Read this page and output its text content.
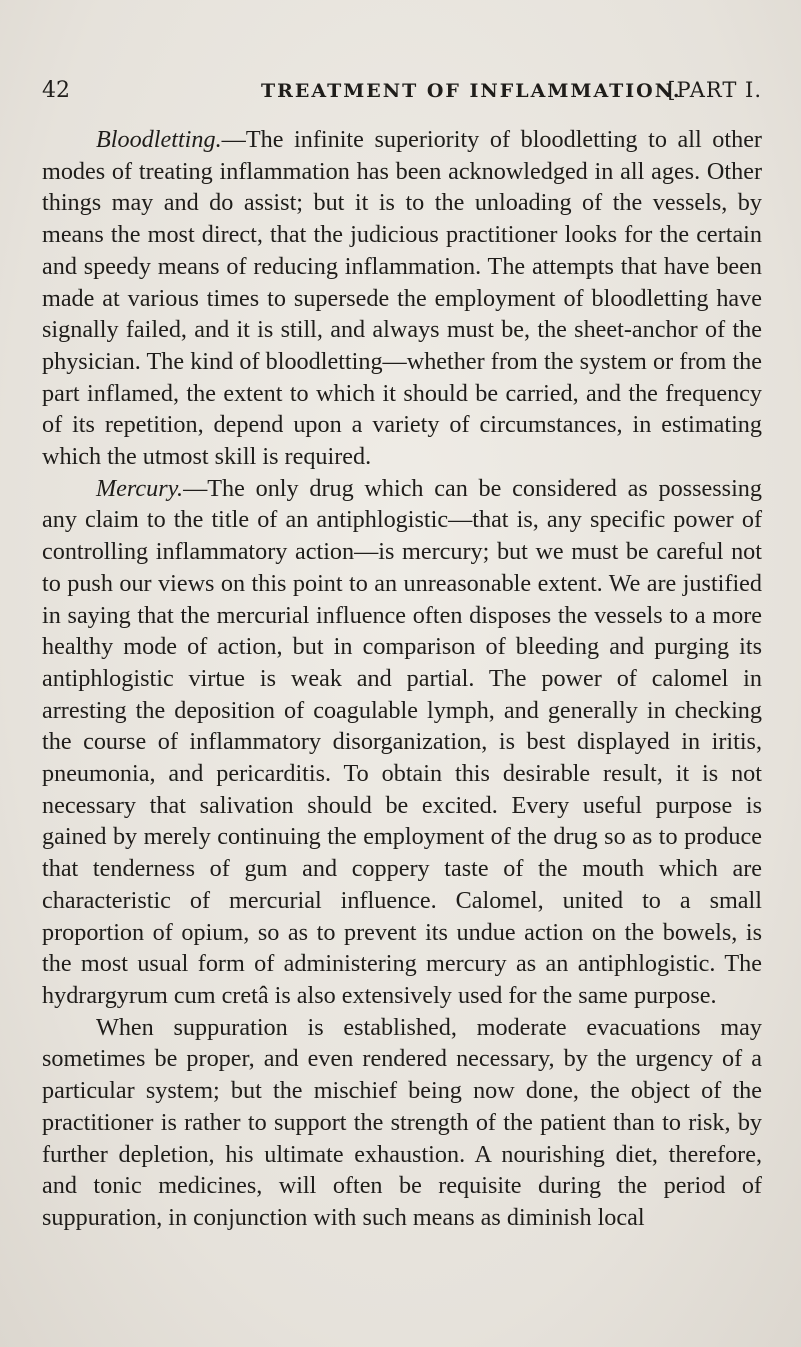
42	TREATMENT OF INFLAMMATION.
[PART I.

Bloodletting.—The infinite superiority of bloodletting to all other modes of treating inflammation has been acknowledged in all ages. Other things may and do assist; but it is to the unloading of the vessels, by means the most direct, that the judicious practitioner looks for the certain and speedy means of reducing inflammation. The attempts that have been made at various times to supersede the employment of bloodletting have signally failed, and it is still, and always must be, the sheet-anchor of the physician. The kind of bloodletting—whether from the system or from the part inflamed, the extent to which it should be carried, and the frequency of its repetition, depend upon a variety of circumstances, in estimating which the utmost skill is required.

Mercury.—The only drug which can be considered as possessing any claim to the title of an antiphlogistic—that is, any specific power of controlling inflammatory action—is mercury; but we must be careful not to push our views on this point to an unreasonable extent. We are justified in saying that the mercurial influence often disposes the vessels to a more healthy mode of action, but in comparison of bleeding and purging its antiphlogistic virtue is weak and partial. The power of calomel in arresting the deposition of coagulable lymph, and generally in checking the course of inflammatory disorganization, is best displayed in iritis, pneumonia, and pericarditis. To obtain this desirable result, it is not necessary that salivation should be excited. Every useful purpose is gained by merely continuing the employment of the drug so as to produce that tenderness of gum and coppery taste of the mouth which are characteristic of mercurial influence. Calomel, united to a small proportion of opium, so as to prevent its undue action on the bowels, is the most usual form of administering mercury as an antiphlogistic. The hydrargyrum cum cretâ is also extensively used for the same purpose.

When suppuration is established, moderate evacuations may sometimes be proper, and even rendered necessary, by the urgency of a particular system; but the mischief being now done, the object of the practitioner is rather to support the strength of the patient than to risk, by further depletion, his ultimate exhaustion. A nourishing diet, therefore, and tonic medicines, will often be requisite during the period of suppuration, in conjunction with such means as diminish local
